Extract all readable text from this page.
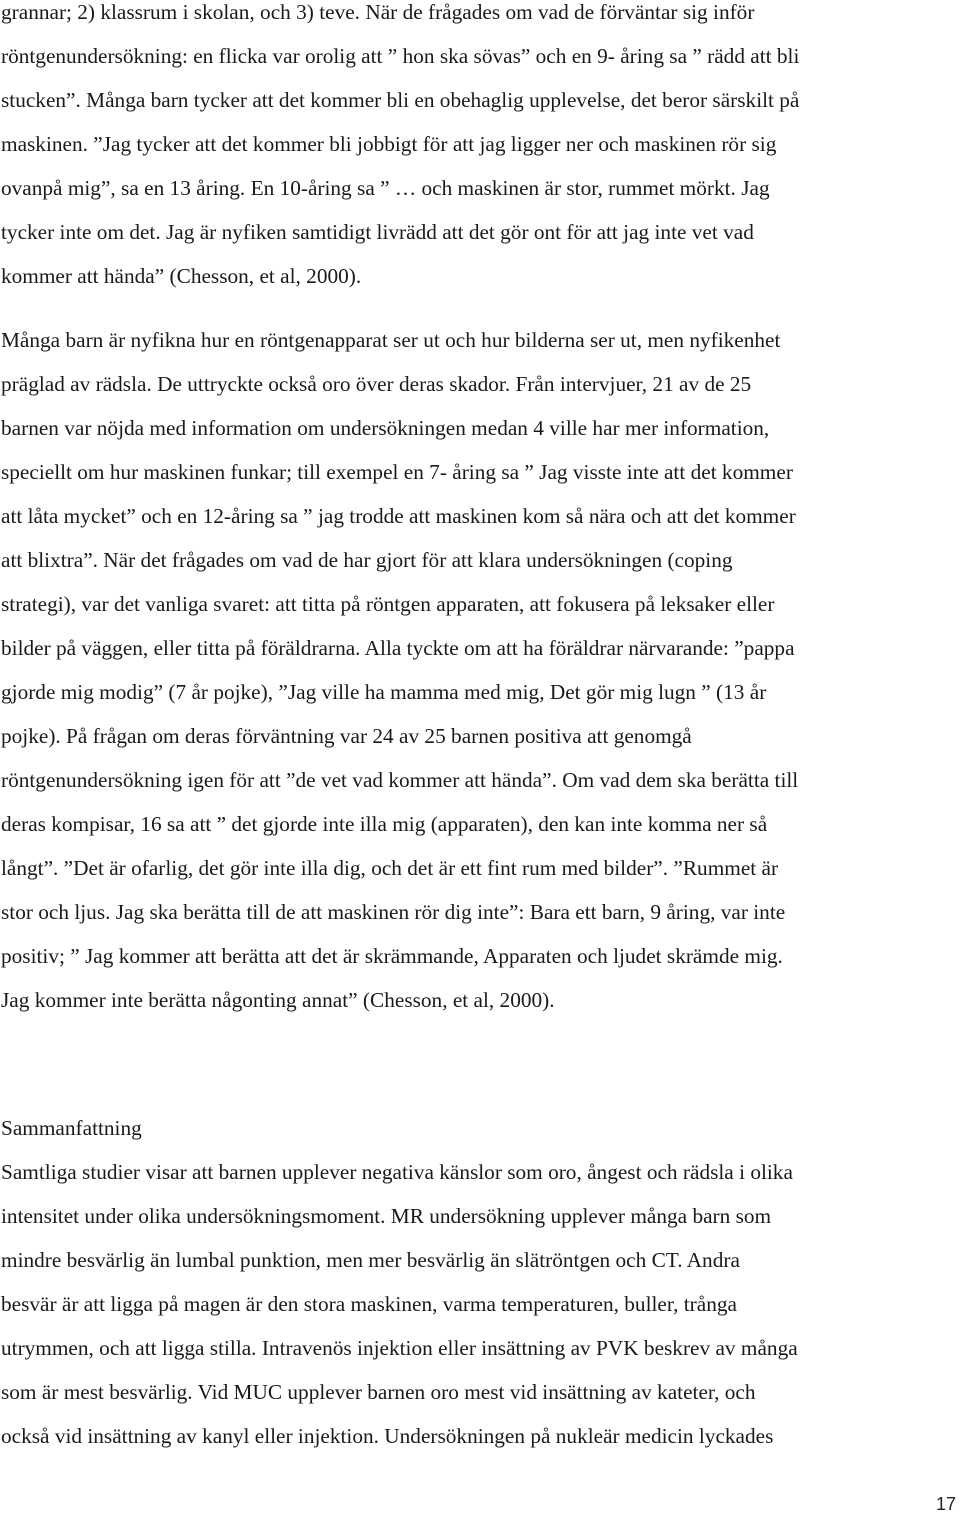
grannar; 2) klassrum i skolan, och 3) teve. När de frågades om vad de förväntar sig inför
röntgenundersökning: en flicka var orolig att ” hon ska sövas” och en 9- åring sa ” rädd att bli
stucken”. Många barn tycker att det kommer bli en obehaglig upplevelse, det beror särskilt på
maskinen. ”Jag tycker att det kommer bli jobbigt för att jag ligger ner och maskinen rör sig
ovanpå mig”, sa en 13 åring. En 10-åring sa ” … och maskinen är stor, rummet mörkt. Jag
tycker inte om det. Jag är nyfiken samtidigt livrädd att det gör ont för att jag inte vet vad
kommer att hända” (Chesson, et al, 2000).

Många barn är nyfikna hur en röntgenapparat ser ut och hur bilderna ser ut, men nyfikenhet
präglad av rädsla. De uttryckte också oro över deras skador. Från intervjuer, 21 av de 25
barnen var nöjda med information om undersökningen medan 4 ville har mer information,
speciellt om hur maskinen funkar; till exempel en 7- åring sa ” Jag visste inte att det kommer
att låta mycket” och en 12-åring sa ” jag trodde att maskinen kom så nära och att det kommer
att blixtra”. När det frågades om vad de har gjort för att klara undersökningen (coping
strategi), var det vanliga svaret: att titta på röntgen apparaten, att fokusera på leksaker eller
bilder på väggen, eller titta på föräldrarna. Alla tyckte om att ha föräldrar närvarande: ”pappa
gjorde mig modig” (7 år pojke), ”Jag ville ha mamma med mig, Det gör mig lugn ” (13 år
pojke). På frågan om deras förväntning var 24 av 25 barnen positiva att genomgå
röntgenundersökning igen för att ”de vet vad kommer att hända”. Om vad dem ska berätta till
deras kompisar, 16 sa att ” det gjorde inte illa mig (apparaten), den kan inte komma ner så
långt”. ”Det är ofarlig, det gör inte illa dig, och det är ett fint rum med bilder”. ”Rummet är
stor och ljus. Jag ska berätta till de att maskinen rör dig inte”: Bara ett barn, 9 åring, var inte
positiv; ” Jag kommer att berätta att det är skrämmande, Apparaten och ljudet skrämde mig.
Jag kommer inte berätta någonting annat” (Chesson, et al, 2000).

Sammanfattning

Samtliga studier visar att barnen upplever negativa känslor som oro, ångest och rädsla i olika
intensitet under olika undersökningsmoment. MR undersökning upplever många barn som
mindre besvärlig än lumbal punktion, men mer besvärlig än slätröntgen och CT. Andra
besvär är att ligga på magen är den stora maskinen, varma temperaturen, buller, trånga
utrymmen, och att ligga stilla. Intravenös injektion eller insättning av PVK beskrev av många
som är mest besvärlig. Vid MUC upplever barnen oro mest vid insättning av kateter, och
också vid insättning av kanyl eller injektion. Undersökningen på nukleär medicin lyckades

17
